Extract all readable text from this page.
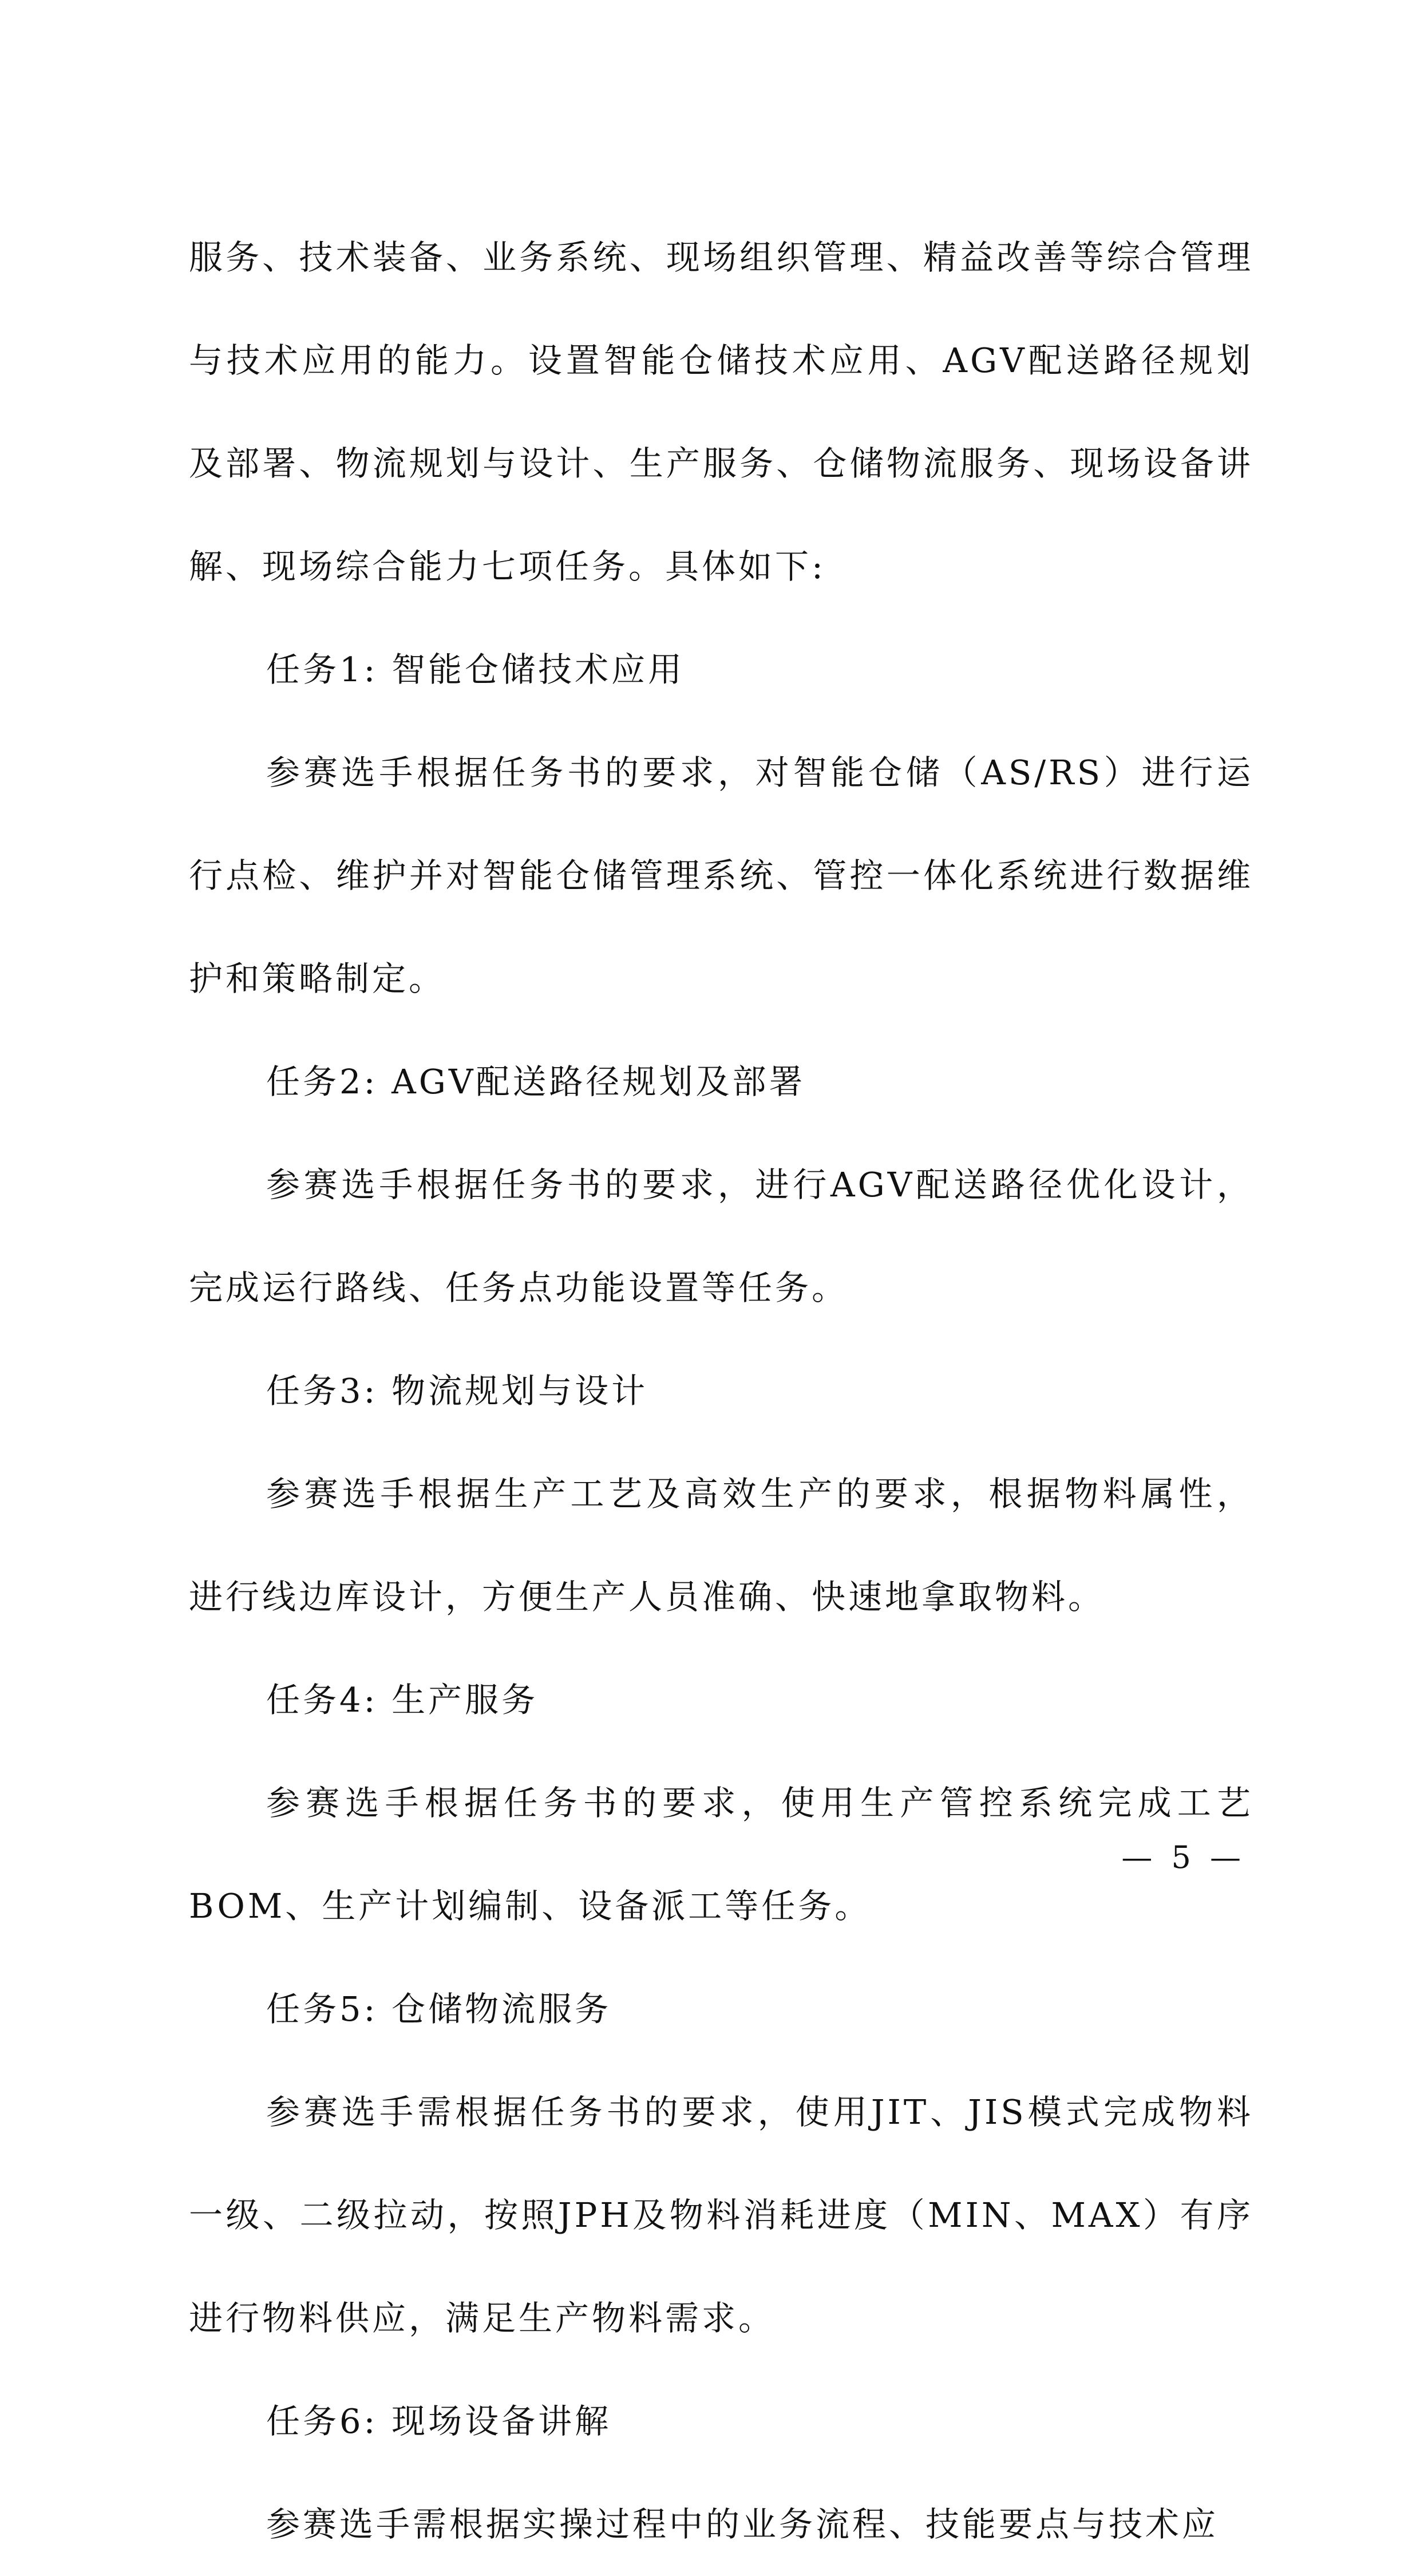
服务、技术装备、业务系统、现场组织管理、精益改善等综合管理与技术应用的能力。设置智能仓储技术应用、AGV配送路径规划及部署、物流规划与设计、生产服务、仓储物流服务、现场设备讲解、现场综合能力七项任务。具体如下:

任务1: 智能仓储技术应用

参赛选手根据任务书的要求，对智能仓储（AS/RS）进行运行点检、维护并对智能仓储管理系统、管控一体化系统进行数据维护和策略制定。

任务2: AGV配送路径规划及部署

参赛选手根据任务书的要求，进行AGV配送路径优化设计，完成运行路线、任务点功能设置等任务。

任务3: 物流规划与设计

参赛选手根据生产工艺及高效生产的要求，根据物料属性，进行线边库设计，方便生产人员准确、快速地拿取物料。

任务4: 生产服务

参赛选手根据任务书的要求，使用生产管控系统完成工艺BOM、生产计划编制、设备派工等任务。

任务5: 仓储物流服务

参赛选手需根据任务书的要求，使用JIT、JIS模式完成物料一级、二级拉动，按照JPH及物料消耗进度（MIN、MAX）有序进行物料供应，满足生产物料需求。

任务6: 现场设备讲解

参赛选手需根据实操过程中的业务流程、技能要点与技术应

— 5 —
